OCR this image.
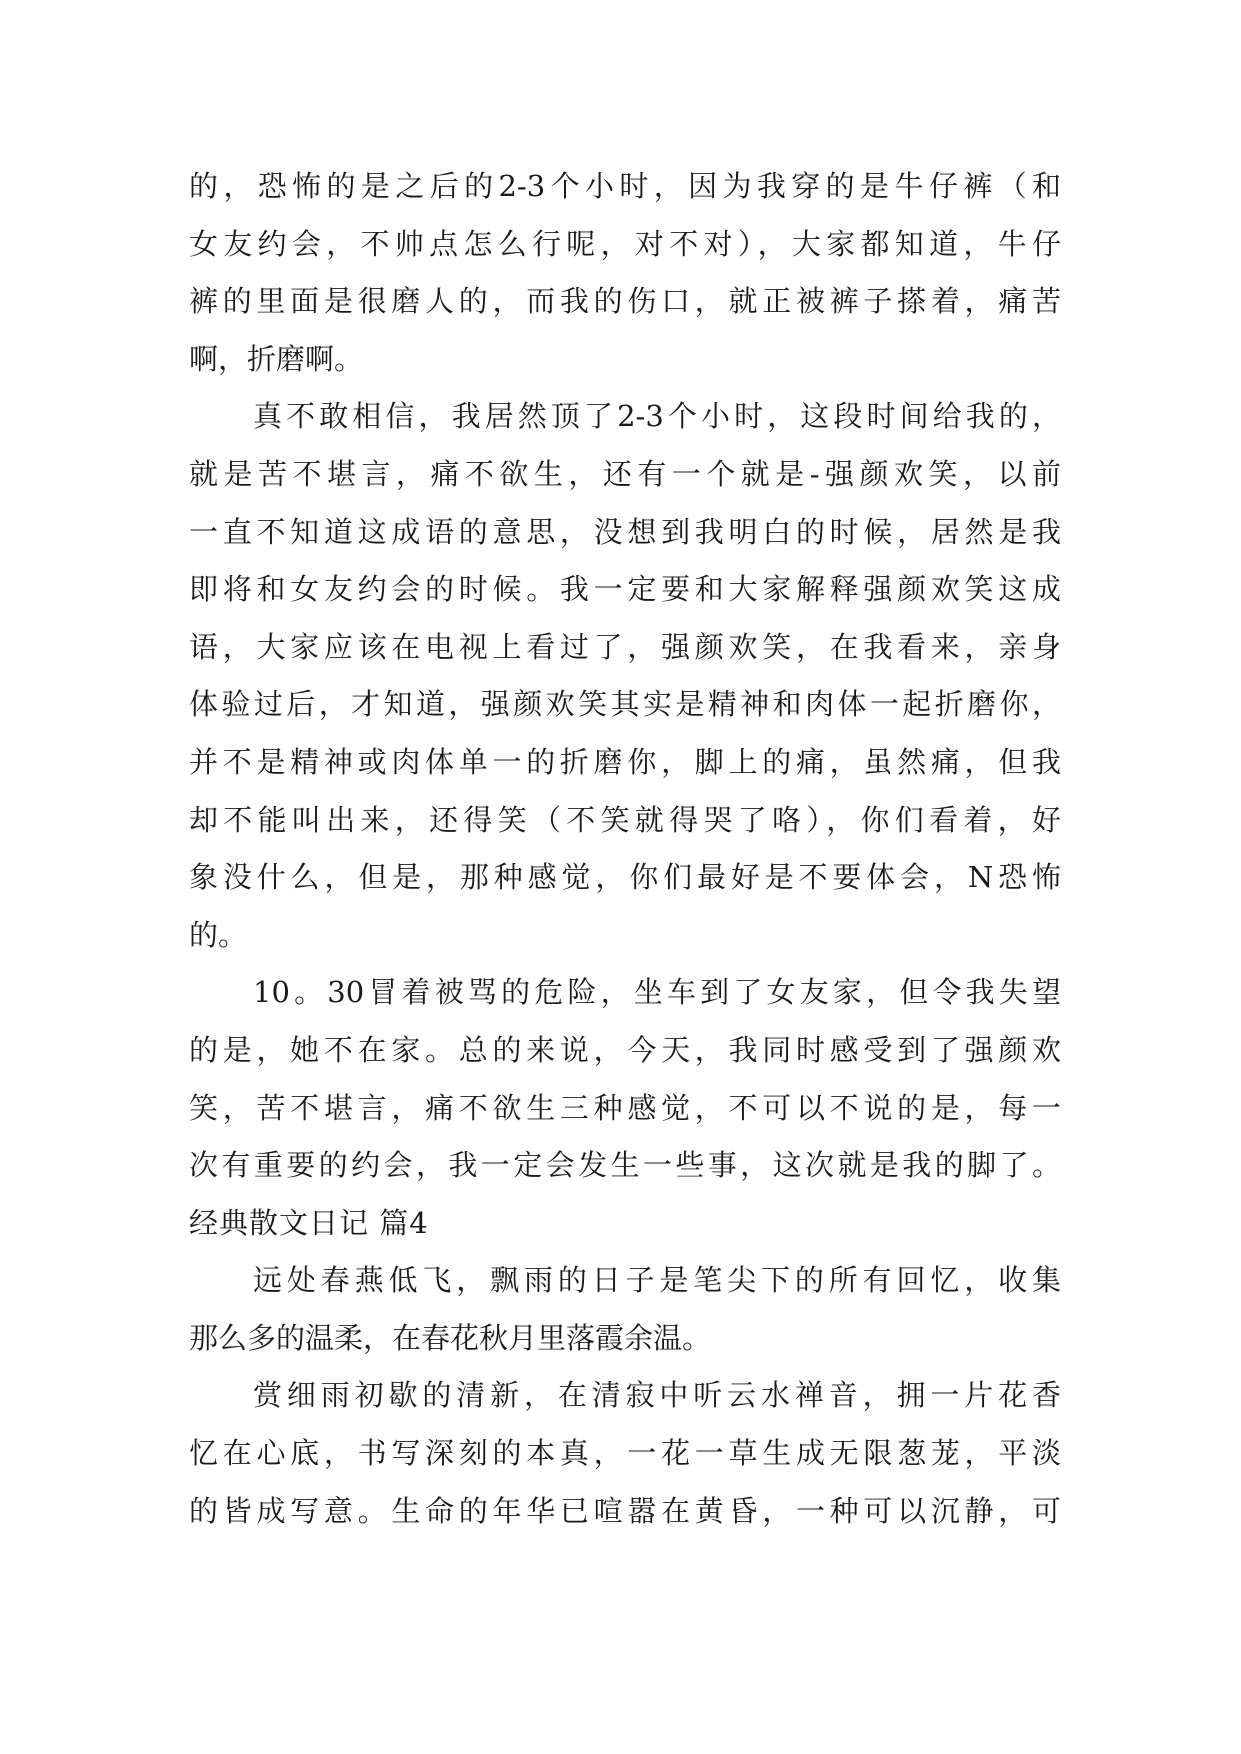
的，恐怖的是之后的2-3个小时，因为我穿的是牛仔裤（和
女友约会，不帅点怎么行呢，对不对），大家都知道，牛仔
裤的里面是很磨人的，而我的伤口，就正被裤子搽着，痛苦
啊，折磨啊。
真不敢相信，我居然顶了2-3个小时，这段时间给我的，
就是苦不堪言，痛不欲生，还有一个就是-强颜欢笑，以前
一直不知道这成语的意思，没想到我明白的时候，居然是我
即将和女友约会的时候。我一定要和大家解释强颜欢笑这成
语，大家应该在电视上看过了，强颜欢笑，在我看来，亲身
体验过后，才知道，强颜欢笑其实是精神和肉体一起折磨你，
并不是精神或肉体单一的折磨你，脚上的痛，虽然痛，但我
却不能叫出来，还得笑（不笑就得哭了咯），你们看着，好
象没什么，但是，那种感觉，你们最好是不要体会，N恐怖
的。
10。30冒着被骂的危险，坐车到了女友家，但令我失望
的是，她不在家。总的来说，今天，我同时感受到了强颜欢
笑，苦不堪言，痛不欲生三种感觉，不可以不说的是，每一
次有重要的约会，我一定会发生一些事，这次就是我的脚了。
经典散文日记 篇4
远处春燕低飞，飘雨的日子是笔尖下的所有回忆，收集
那么多的温柔，在春花秋月里落霞余温。
赏细雨初歇的清新，在清寂中听云水禅音，拥一片花香
忆在心底，书写深刻的本真，一花一草生成无限葱茏，平淡
的皆成写意。生命的年华已喧嚣在黄昏，一种可以沉静，可
